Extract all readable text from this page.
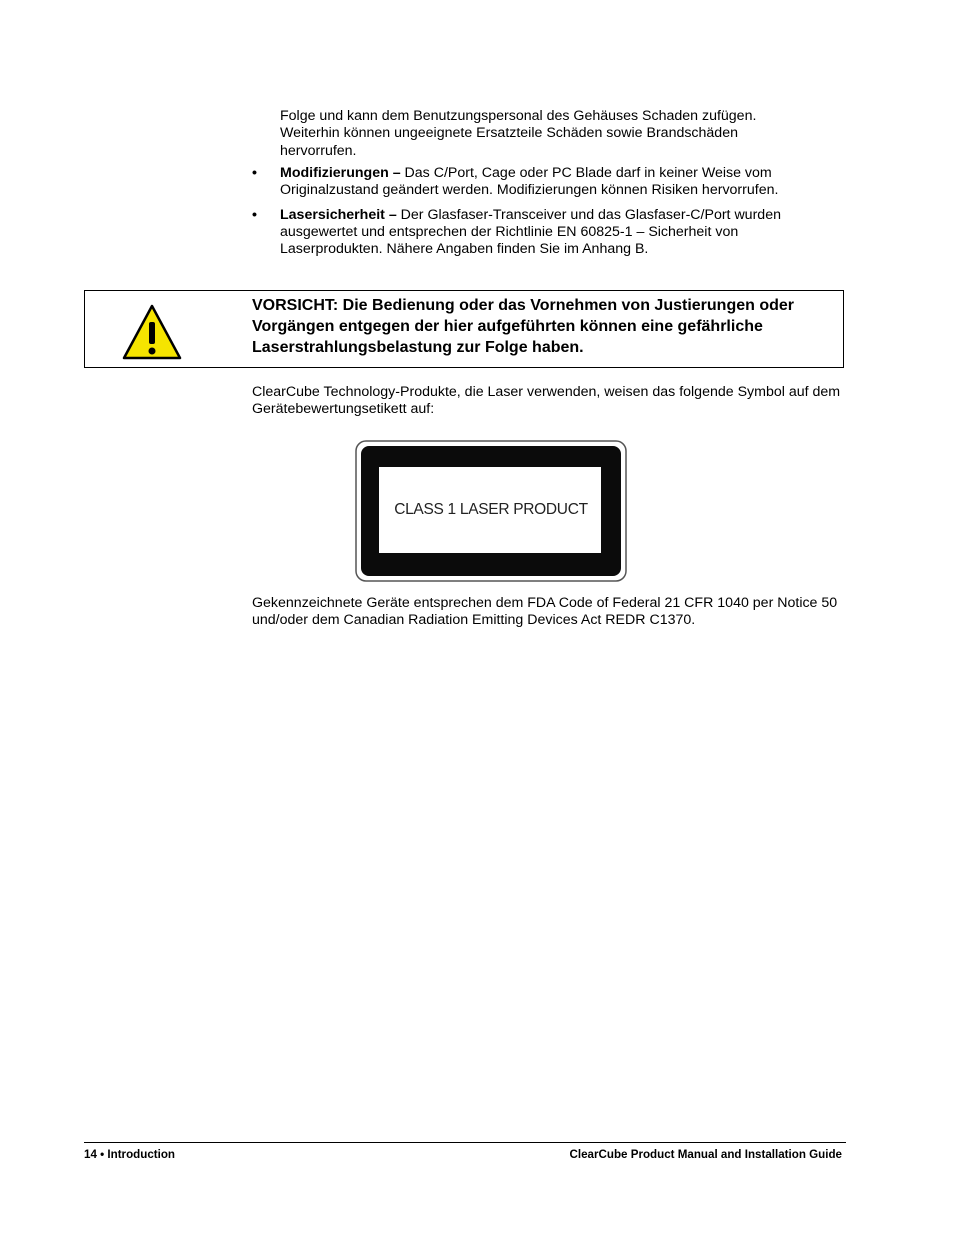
Folge und kann dem Benutzungspersonal des Gehäuses Schaden zufügen.
Weiterhin können ungeeignete Ersatzteile Schäden sowie Brandschäden
hervorrufen.
• Modifizierungen – Das C/Port, Cage oder PC Blade darf in keiner Weise vom Originalzustand geändert werden. Modifizierungen können Risiken hervorrufen.
• Lasersicherheit – Der Glasfaser-Transceiver und das Glasfaser-C/Port wurden ausgewertet und entsprechen der Richtlinie EN 60825-1 – Sicherheit von Laserprodukten. Nähere Angaben finden Sie im Anhang B.
VORSICHT: Die Bedienung oder das Vornehmen von Justierungen oder Vorgängen entgegen der hier aufgeführten können eine gefährliche Laserstrahlungsbelastung zur Folge haben.
ClearCube Technology-Produkte, die Laser verwenden, weisen das folgende Symbol auf dem Gerätebewertungsetikett auf:
CLASS 1 LASER PRODUCT
Gekennzeichnete Geräte entsprechen dem FDA Code of Federal 21 CFR 1040 per Notice 50 und/oder dem Canadian Radiation Emitting Devices Act REDR C1370.
14 • Introduction	ClearCube Product Manual and Installation Guide
